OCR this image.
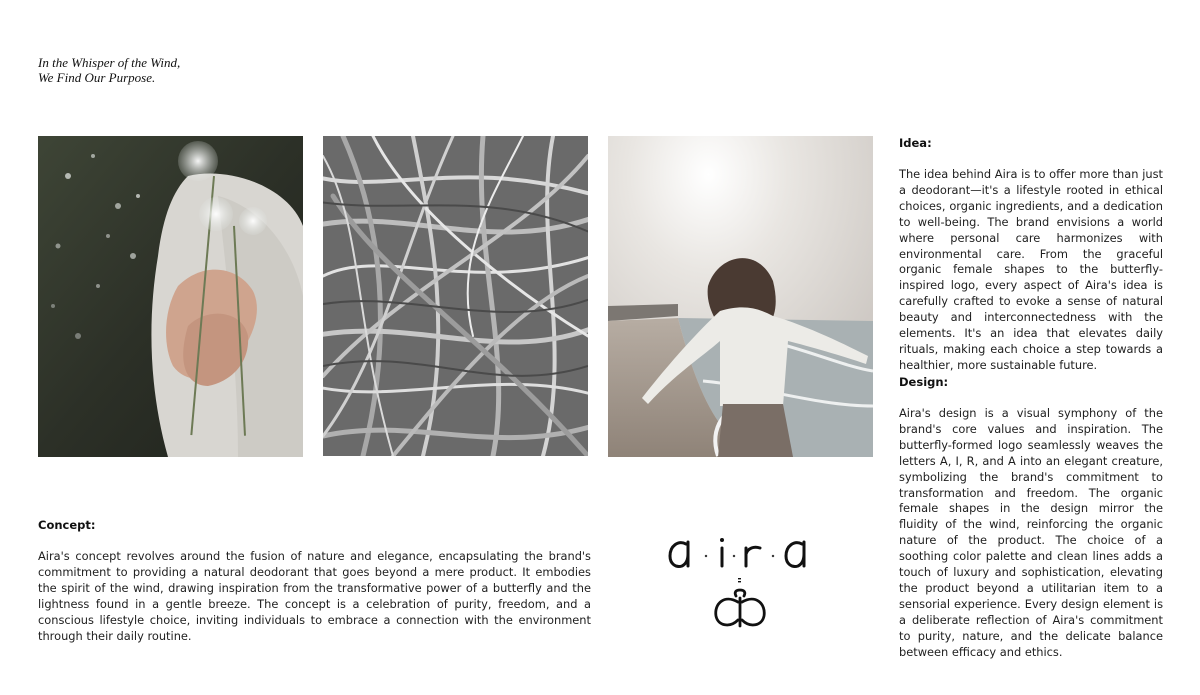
In the Whisper of the Wind,
We Find Our Purpose.
Idea:
The idea behind Aira is to offer more than just a deodorant—it's a lifestyle rooted in ethical choices, organic ingredients, and a dedication to well-being. The brand envisions a world where personal care harmonizes with environmental care. From the graceful organic female shapes to the butterfly-inspired logo, every aspect of Aira's idea is carefully crafted to evoke a sense of natural beauty and interconnectedness with the elements. It's an idea that elevates daily rituals, making each choice a step towards a healthier, more sustainable future.
Design:
Aira's design is a visual symphony of the brand's core values and inspiration. The butterfly-formed logo seamlessly weaves the letters A, I, R, and A into an elegant creature, symbolizing the brand's commitment to transformation and freedom. The organic female shapes in the design mirror the fluidity of the wind, reinforcing the organic nature of the product. The choice of a soothing color palette and clean lines adds a touch of luxury and sophistication, elevating the product beyond a utilitarian item to a sensorial experience. Every design element is a deliberate reflection of Aira's commitment to purity, nature, and the delicate balance between efficacy and ethics.
Concept:
Aira's concept revolves around the fusion of nature and elegance, encapsulating the brand's commitment to providing a natural deodorant that goes beyond a mere product. It embodies the spirit of the wind, drawing inspiration from the transformative power of a butterfly and the lightness found in a gentle breeze. The concept is a celebration of purity, freedom, and a conscious lifestyle choice, inviting individuals to embrace a connection with the environment through their daily routine.
